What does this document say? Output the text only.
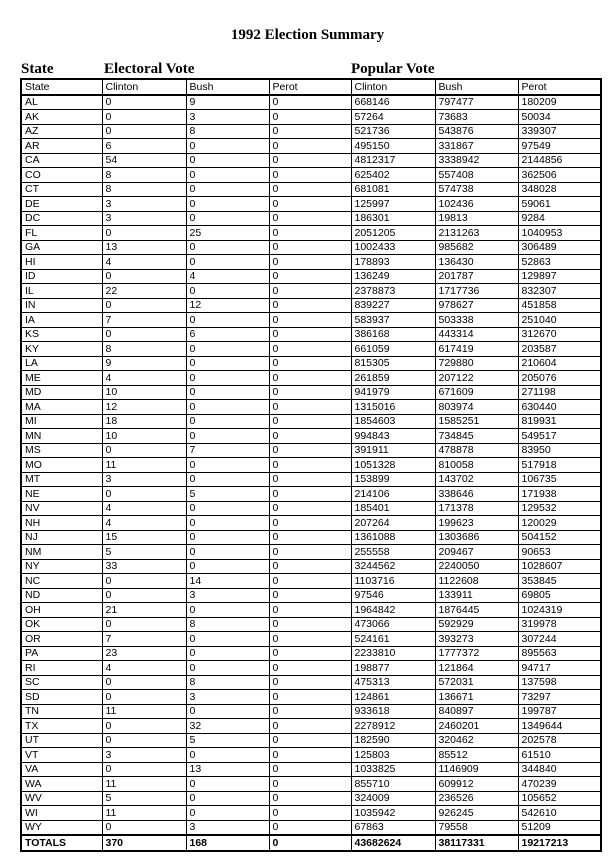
1992 Election Summary
State	Electoral Vote	Popular Vote
State	Clinton	Bush	Perot	Clinton	Bush	Perot
AL	0	9	0	668146	797477	180209
AK	0	3	0	57264	73683	50034
AZ	0	8	0	521736	543876	339307
AR	6	0	0	495150	331867	97549
CA	54	0	0	4812317	3338942	2144856
CO	8	0	0	625402	557408	362506
CT	8	0	0	681081	574738	348028
DE	3	0	0	125997	102436	59061
DC	3	0	0	186301	19813	9284
FL	0	25	0	2051205	2131263	1040953
GA	13	0	0	1002433	985682	306489
HI	4	0	0	178893	136430	52863
ID	0	4	0	136249	201787	129897
IL	22	0	0	2378873	1717736	832307
IN	0	12	0	839227	978627	451858
IA	7	0	0	583937	503338	251040
KS	0	6	0	386168	443314	312670
KY	8	0	0	661059	617419	203587
LA	9	0	0	815305	729880	210604
ME	4	0	0	261859	207122	205076
MD	10	0	0	941979	671609	271198
MA	12	0	0	1315016	803974	630440
MI	18	0	0	1854603	1585251	819931
MN	10	0	0	994843	734845	549517
MS	0	7	0	391911	478878	83950
MO	11	0	0	1051328	810058	517918
MT	3	0	0	153899	143702	106735
NE	0	5	0	214106	338646	171938
NV	4	0	0	185401	171378	129532
NH	4	0	0	207264	199623	120029
NJ	15	0	0	1361088	1303686	504152
NM	5	0	0	255558	209467	90653
NY	33	0	0	3244562	2240050	1028607
NC	0	14	0	1103716	1122608	353845
ND	0	3	0	97546	133911	69805
OH	21	0	0	1964842	1876445	1024319
OK	0	8	0	473066	592929	319978
OR	7	0	0	524161	393273	307244
PA	23	0	0	2233810	1777372	895563
RI	4	0	0	198877	121864	94717
SC	0	8	0	475313	572031	137598
SD	0	3	0	124861	136671	73297
TN	11	0	0	933618	840897	199787
TX	0	32	0	2278912	2460201	1349644
UT	0	5	0	182590	320462	202578
VT	3	0	0	125803	85512	61510
VA	0	13	0	1033825	1146909	344840
WA	11	0	0	855710	609912	470239
WV	5	0	0	324009	236526	105652
WI	11	0	0	1035942	926245	542610
WY	0	3	0	67863	79558	51209
TOTALS	370	168	0	43682624	38117331	19217213
